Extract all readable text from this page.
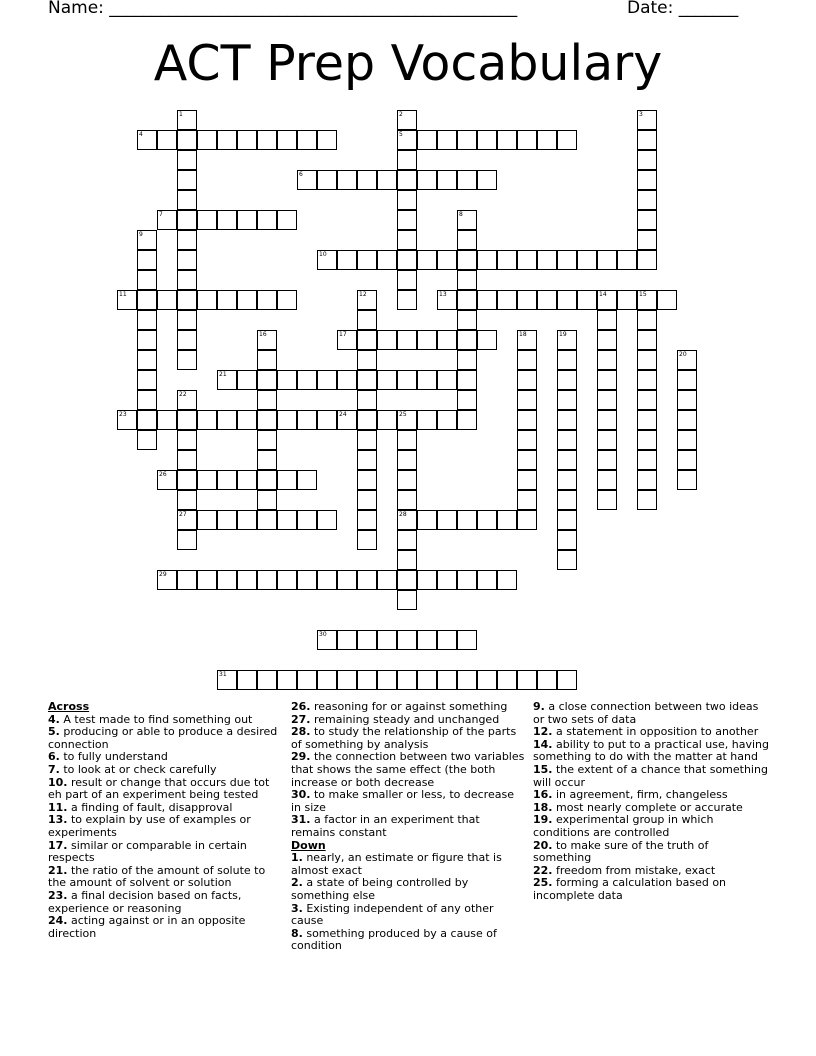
Name: ________________________________________________	Date: _______
ACT Prep Vocabulary
1	2
5
3
4
6
7	8
9
10
11	12	13	14	15
16	17	18	19
20
21
22
27
23	24	25
28
26
29
30
31
Across
4. A test made to find something out
5. producing or able to produce a desired connection
6. to fully understand
7. to look at or check carefully
10. result or change that occurs due tot eh part of an experiment being tested
11. a finding of fault, disapproval
13. to explain by use of examples or experiments
17. similar or comparable in certain respects
21. the ratio of the amount of solute to the amount of solvent or solution
23. a final decision based on facts, experience or reasoning
24. acting against or in an opposite direction
26. reasoning for or against something
27. remaining steady and unchanged
28. to study the relationship of the parts of something by analysis
29. the connection between two variables that shows the same effect (the both increase or both decrease
30. to make smaller or less, to decrease in size
31. a factor in an experiment that remains constant
Down
1. nearly, an estimate or figure that is almost exact
2. a state of being controlled by something else
3. Existing independent of any other cause
8. something produced by a cause of condition
9. a close connection between two ideas or two sets of data
12. a statement in opposition to another
14. ability to put to a practical use, having something to do with the matter at hand
15. the extent of a chance that something will occur
16. in agreement, firm, changeless
18. most nearly complete or accurate
19. experimental group in which conditions are controlled
20. to make sure of the truth of something
22. freedom from mistake, exact
25. forming a calculation based on incomplete data
